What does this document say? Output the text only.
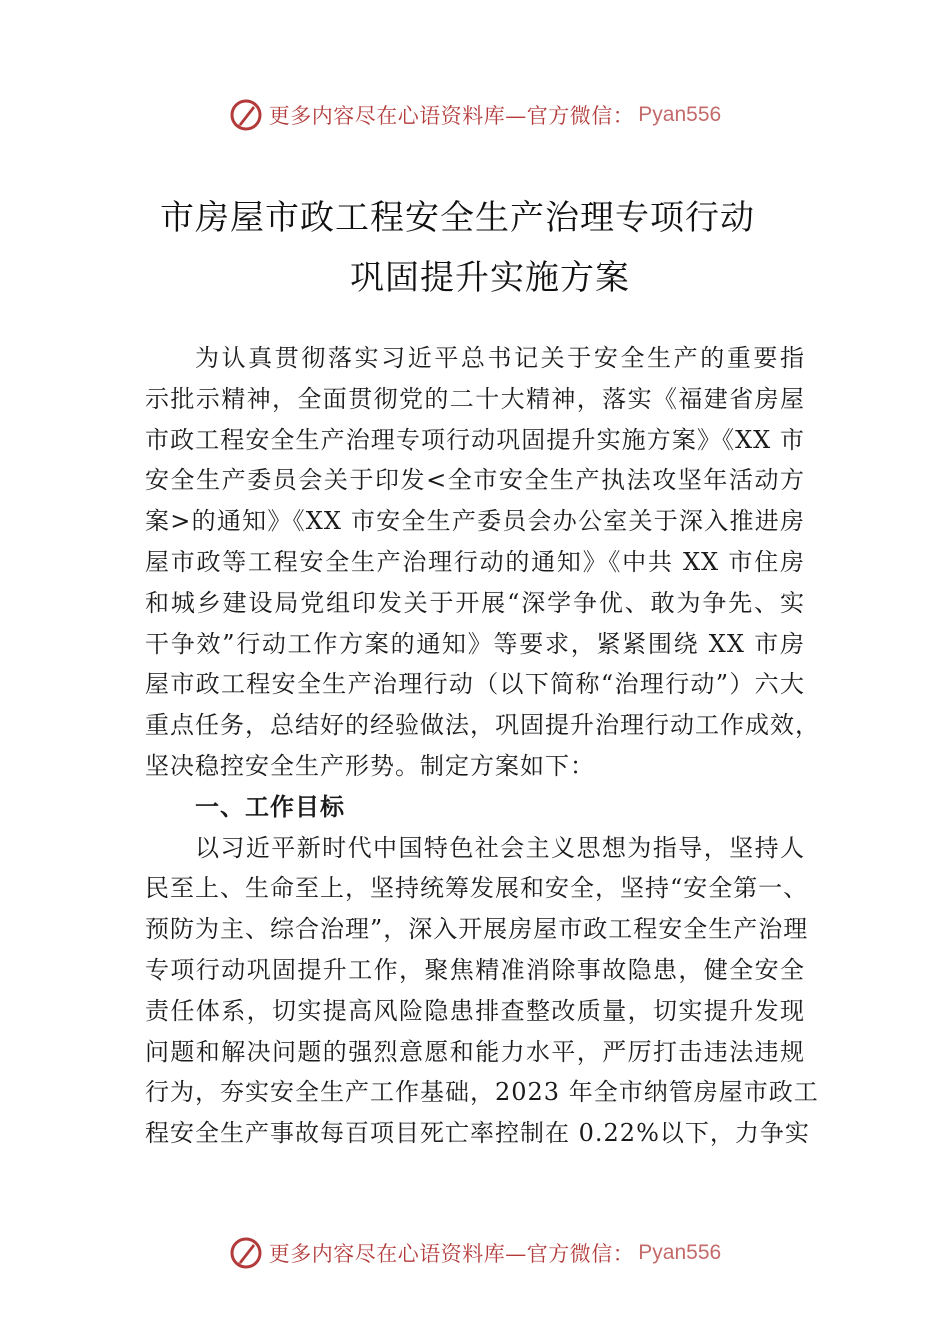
更多内容尽在心语资料库—官方微信： Pyan556
市房屋市政工程安全生产治理专项行动
巩固提升实施方案
为认真贯彻落实习近平总书记关于安全生产的重要指
示批示精神，全面贯彻党的二十大精神，落实《福建省房屋
市政工程安全生产治理专项行动巩固提升实施方案》《XX 市
安全生产委员会关于印发<全市安全生产执法攻坚年活动方
案>的通知》《XX 市安全生产委员会办公室关于深入推进房
屋市政等工程安全生产治理行动的通知》《中共 XX 市住房
和城乡建设局党组印发关于开展“深学争优、敢为争先、实
干争效”行动工作方案的通知》等要求，紧紧围绕 XX 市房
屋市政工程安全生产治理行动（以下简称“治理行动”）六大
重点任务，总结好的经验做法，巩固提升治理行动工作成效，
坚决稳控安全生产形势。制定方案如下：
一、工作目标
以习近平新时代中国特色社会主义思想为指导，坚持人
民至上、生命至上，坚持统筹发展和安全，坚持“安全第一、
预防为主、综合治理”，深入开展房屋市政工程安全生产治理
专项行动巩固提升工作，聚焦精准消除事故隐患，健全安全
责任体系，切实提高风险隐患排查整改质量，切实提升发现
问题和解决问题的强烈意愿和能力水平，严厉打击违法违规
行为，夯实安全生产工作基础，2023 年全市纳管房屋市政工
程安全生产事故每百项目死亡率控制在 0.22%以下，力争实
更多内容尽在心语资料库—官方微信： Pyan556
